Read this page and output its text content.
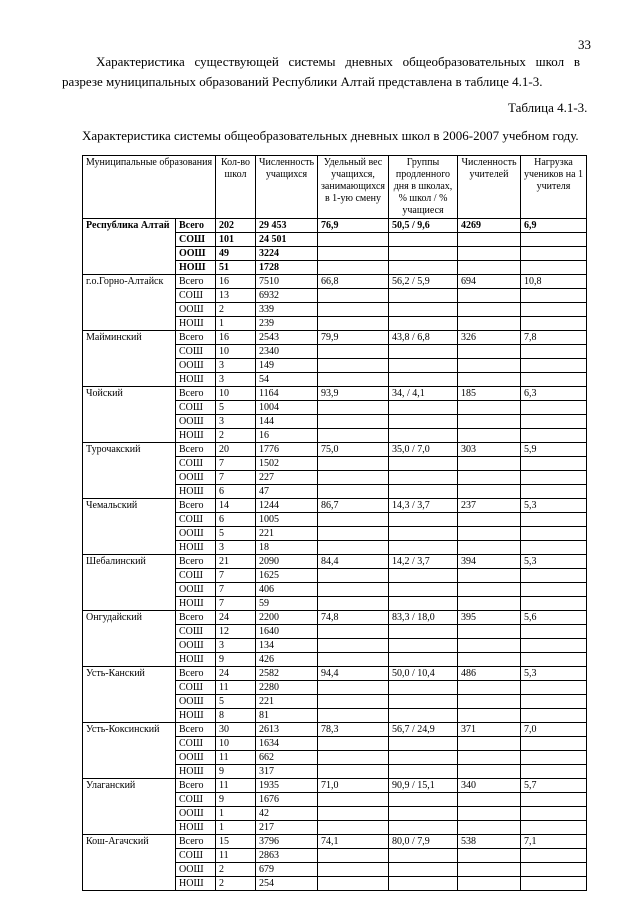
33

Характеристика существующей системы дневных общеобразовательных школ в
разрезе муниципальных образований Республики Алтай представлена в таблице 4.1-3.

Таблица 4.1-3.
Характеристика системы общеобразовательных дневных школ в 2006-2007 учебном году.
Муниципальные образования		Кол-во школ	Численность учащихся	Удельный вес учащихся, занимающихся в 1-ую смену	Группы продленного дня в школах, % школ / % учащиеся	Численность учителей	Нагрузка учеников на 1 учителя
Республика Алтай	Всего	202	29 453	76,9	50,5 / 9,6	4269	6,9
	СОШ	101	24 501				
	ООШ	49	3224				
	НОШ	51	1728				
г.о.Горно-Алтайск	Всего	16	7510	66,8	56,2 / 5,9	694	10,8
	СОШ	13	6932				
	ООШ	2	339				
	НОШ	1	239				
Майминский	Всего	16	2543	79,9	43,8 / 6,8	326	7,8
	СОШ	10	2340				
	ООШ	3	149				
	НОШ	3	54				
Чойский	Всего	10	1164	93,9	34, / 4,1	185	6,3
	СОШ	5	1004				
	ООШ	3	144				
	НОШ	2	16				
Турочакский	Всего	20	1776	75,0	35,0 / 7,0	303	5,9
	СОШ	7	1502				
	ООШ	7	227				
	НОШ	6	47				
Чемальский	Всего	14	1244	86,7	14,3 / 3,7	237	5,3
	СОШ	6	1005				
	ООШ	5	221				
	НОШ	3	18				
Шебалинский	Всего	21	2090	84,4	14,2 / 3,7	394	5,3
	СОШ	7	1625				
	ООШ	7	406				
	НОШ	7	59				
Онгудайский	Всего	24	2200	74,8	83,3 / 18,0	395	5,6
	СОШ	12	1640				
	ООШ	3	134				
	НОШ	9	426				
Усть-Канский	Всего	24	2582	94,4	50,0 / 10,4	486	5,3
	СОШ	11	2280				
	ООШ	5	221				
	НОШ	8	81				
Усть-Коксинский	Всего	30	2613	78,3	56,7 / 24,9	371	7,0
	СОШ	10	1634				
	ООШ	11	662				
	НОШ	9	317				
Улаганский	Всего	11	1935	71,0	90,9 / 15,1	340	5,7
	СОШ	9	1676				
	ООШ	1	42				
	НОШ	1	217				
Кош-Агачский	Всего	15	3796	74,1	80,0 / 7,9	538	7,1
	СОШ	11	2863				
	ООШ	2	679				
	НОШ	2	254				
